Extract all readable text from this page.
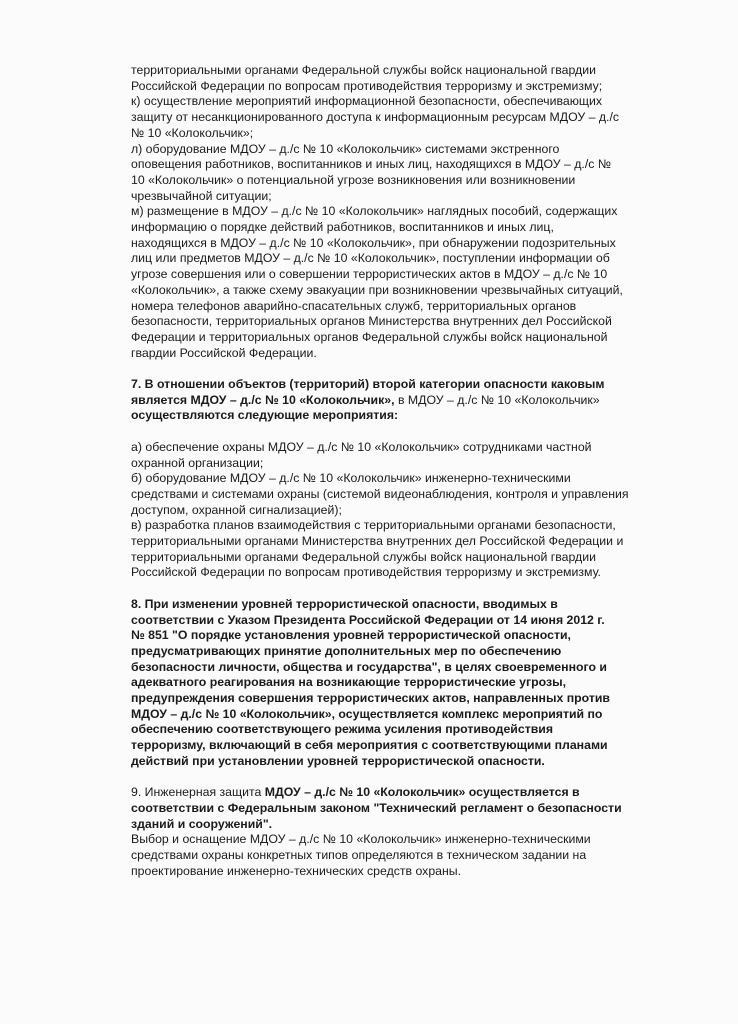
территориальными органами Федеральной службы войск национальной гвардии
Российской Федерации по вопросам противодействия терроризму и экстремизму;
к) осуществление мероприятий информационной безопасности, обеспечивающих
защиту от несанкционированного доступа к информационным ресурсам МДОУ – д./с
№ 10 «Колокольчик»;
л) оборудование МДОУ – д./с № 10 «Колокольчик» системами экстренного
оповещения работников, воспитанников и иных лиц, находящихся в МДОУ – д./с №
10 «Колокольчик» о потенциальной угрозе возникновения или возникновении
чрезвычайной ситуации;
м) размещение в МДОУ – д./с № 10 «Колокольчик» наглядных пособий, содержащих
информацию о порядке действий работников, воспитанников и иных лиц,
находящихся в МДОУ – д./с № 10 «Колокольчик», при обнаружении подозрительных
лиц или предметов МДОУ – д./с № 10 «Колокольчик», поступлении информации об
угрозе совершения или о совершении террористических актов в МДОУ – д./с № 10
«Колокольчик», а также схему эвакуации при возникновении чрезвычайных ситуаций,
номера телефонов аварийно-спасательных служб, территориальных органов
безопасности, территориальных органов Министерства внутренних дел Российской
Федерации и территориальных органов Федеральной службы войск национальной
гвардии Российской Федерации.
7. В отношении объектов (территорий) второй категории опасности каковым
является МДОУ – д./с № 10 «Колокольчик», в МДОУ – д./с № 10 «Колокольчик»
осуществляются следующие мероприятия:
а) обеспечение охраны МДОУ – д./с № 10 «Колокольчик» сотрудниками частной
охранной организации;
б) оборудование МДОУ – д./с № 10 «Колокольчик» инженерно-техническими
средствами и системами охраны (системой видеонаблюдения, контроля и управления
доступом, охранной сигнализацией);
в) разработка планов взаимодействия с территориальными органами безопасности,
территориальными органами Министерства внутренних дел Российской Федерации и
территориальными органами Федеральной службы войск национальной гвардии
Российской Федерации по вопросам противодействия терроризму и экстремизму.
8. При изменении уровней террористической опасности, вводимых в
соответствии с Указом Президента Российской Федерации от 14 июня 2012 г.
№ 851 "О порядке установления уровней террористической опасности,
предусматривающих принятие дополнительных мер по обеспечению
безопасности личности, общества и государства", в целях своевременного и
адекватного реагирования на возникающие террористические угрозы,
предупреждения совершения террористических актов, направленных против
МДОУ – д./с № 10 «Колокольчик», осуществляется комплекс мероприятий по
обеспечению соответствующего режима усиления противодействия
терроризму, включающий в себя мероприятия с соответствующими планами
действий при установлении уровней террористической опасности.
9. Инженерная защита МДОУ – д./с № 10 «Колокольчик» осуществляется в
соответствии с Федеральным законом "Технический регламент о безопасности
зданий и сооружений".
Выбор и оснащение МДОУ – д./с № 10 «Колокольчик» инженерно-техническими
средствами охраны конкретных типов определяются в техническом задании на
проектирование инженерно-технических средств охраны.
